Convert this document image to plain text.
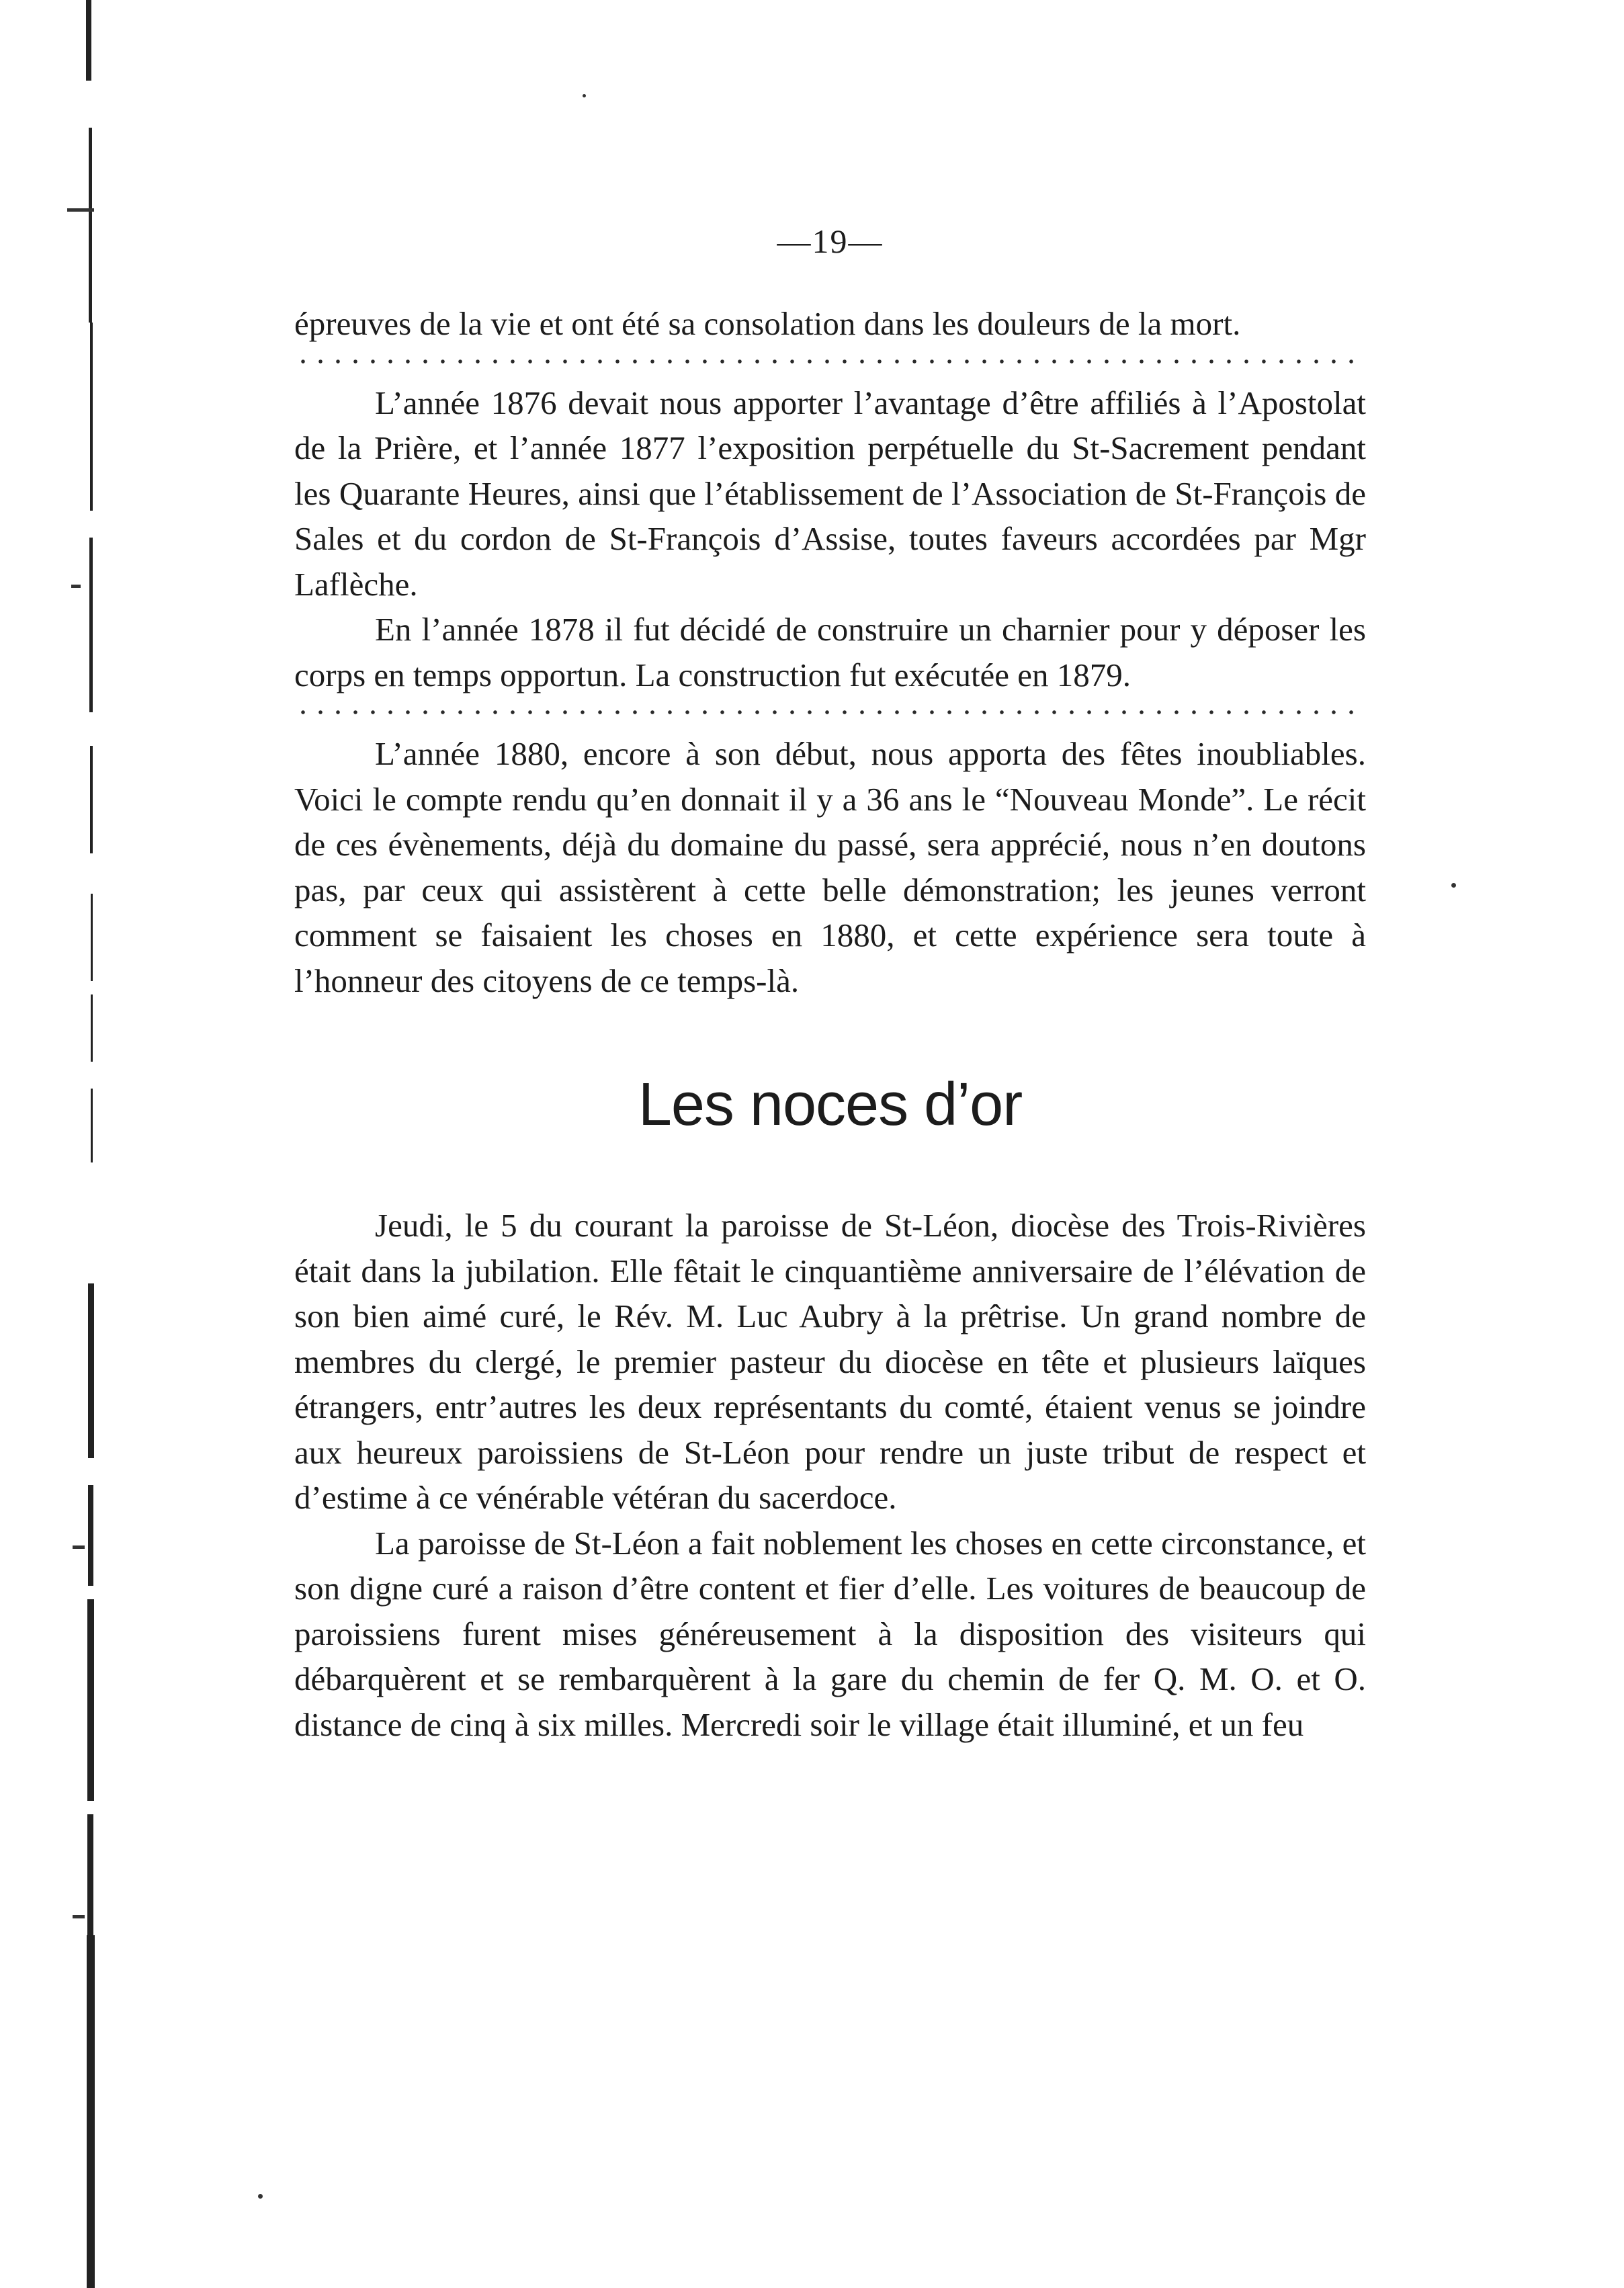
—19—

épreuves de la vie et ont été sa consolation dans les douleurs de la mort.

L’année 1876 devait nous apporter l’avantage d’être affiliés à l’Apostolat de la Prière, et l’année 1877 l’exposition perpétuelle du St-Sacrement pendant les Quarante Heures, ainsi que l’établissement de l’Association de St-François de Sales et du cordon de St-François d’Assise, toutes faveurs accordées par Mgr Laflèche.

En l’année 1878 il fut décidé de construire un charnier pour y déposer les corps en temps opportun. La construction fut exécutée en 1879.

L’année 1880, encore à son début, nous apporta des fêtes inoubliables. Voici le compte rendu qu’en donnait il y a 36 ans le “Nouveau Monde”. Le récit de ces évènements, déjà du domaine du passé, sera apprécié, nous n’en doutons pas, par ceux qui assistèrent à cette belle démonstration; les jeunes verront comment se faisaient les choses en 1880, et cette expérience sera toute à l’honneur des citoyens de ce temps-là.

Les noces d’or

Jeudi, le 5 du courant la paroisse de St-Léon, diocèse des Trois-Rivières était dans la jubilation. Elle fêtait le cinquantième anniversaire de l’élévation de son bien aimé curé, le Rév. M. Luc Aubry à la prêtrise. Un grand nombre de membres du clergé, le premier pasteur du diocèse en tête et plusieurs laïques étrangers, entr’autres les deux représentants du comté, étaient venus se joindre aux heureux paroissiens de St-Léon pour rendre un juste tribut de respect et d’estime à ce vénérable vétéran du sacerdoce.

La paroisse de St-Léon a fait noblement les choses en cette circonstance, et son digne curé a raison d’être content et fier d’elle. Les voitures de beaucoup de paroissiens furent mises généreusement à la disposition des visiteurs qui débarquèrent et se rembarquèrent à la gare du chemin de fer Q. M. O. et O. distance de cinq à six milles. Mercredi soir le village était illuminé, et un feu
